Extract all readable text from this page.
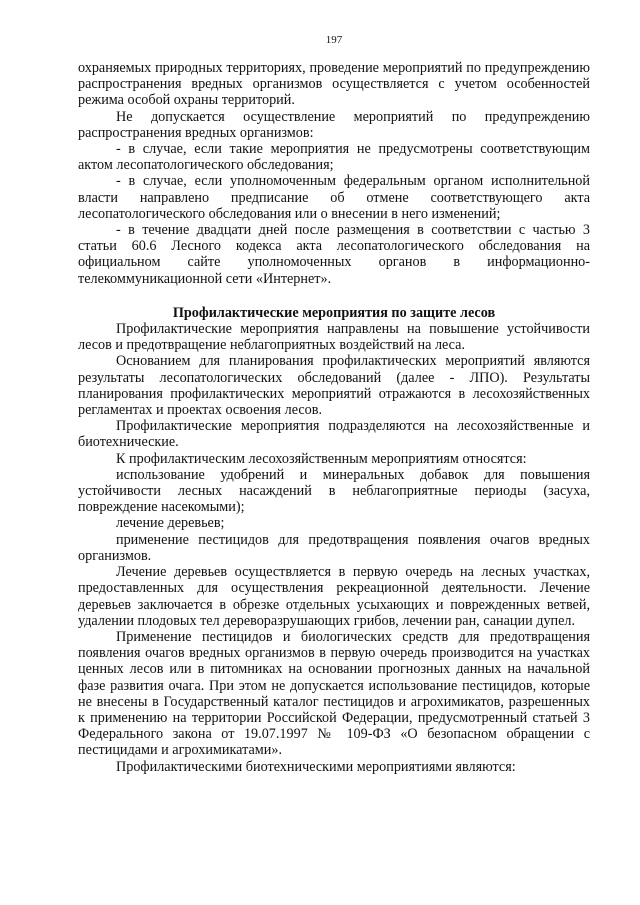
197

охраняемых природных территориях, проведение мероприятий по предупреждению распространения вредных организмов осуществляется с учетом особенностей режима особой охраны территорий.

Не допускается осуществление мероприятий по предупреждению распространения вредных организмов:

- в случае, если такие мероприятия не предусмотрены соответствующим актом лесопатологического обследования;

- в случае, если уполномоченным федеральным органом исполнительной власти направлено предписание об отмене соответствующего акта лесопатологического обследования или о внесении в него изменений;

- в течение двадцати дней после размещения в соответствии с частью 3 статьи 60.6 Лесного кодекса акта лесопатологического обследования на официальном сайте уполномоченных органов в информационно-телекоммуникационной сети «Интернет».

Профилактические мероприятия по защите лесов

Профилактические мероприятия направлены на повышение устойчивости лесов и предотвращение неблагоприятных воздействий на леса.

Основанием для планирования профилактических мероприятий являются результаты лесопатологических обследований (далее - ЛПО). Результаты планирования профилактических мероприятий отражаются в лесохозяйственных регламентах и проектах освоения лесов.

Профилактические мероприятия подразделяются на лесохозяйственные и биотехнические.

К профилактическим лесохозяйственным мероприятиям относятся:

использование удобрений и минеральных добавок для повышения устойчивости лесных насаждений в неблагоприятные периоды (засуха, повреждение насекомыми);

лечение деревьев;

применение пестицидов для предотвращения появления очагов вредных организмов.

Лечение деревьев осуществляется в первую очередь на лесных участках, предоставленных для осуществления рекреационной деятельности. Лечение деревьев заключается в обрезке отдельных усыхающих и поврежденных ветвей, удалении плодовых тел дереворазрушающих грибов, лечении ран, санации дупел.

Применение пестицидов и биологических средств для предотвращения появления очагов вредных организмов в первую очередь производится на участках ценных лесов или в питомниках на основании прогнозных данных на начальной фазе развития очага. При этом не допускается использование пестицидов, которые не внесены в Государственный каталог пестицидов и агрохимикатов, разрешенных к применению на территории Российской Федерации, предусмотренный статьей 3 Федерального закона от 19.07.1997 № 109-ФЗ «О безопасном обращении с пестицидами и агрохимикатами».

Профилактическими биотехническими мероприятиями являются:
